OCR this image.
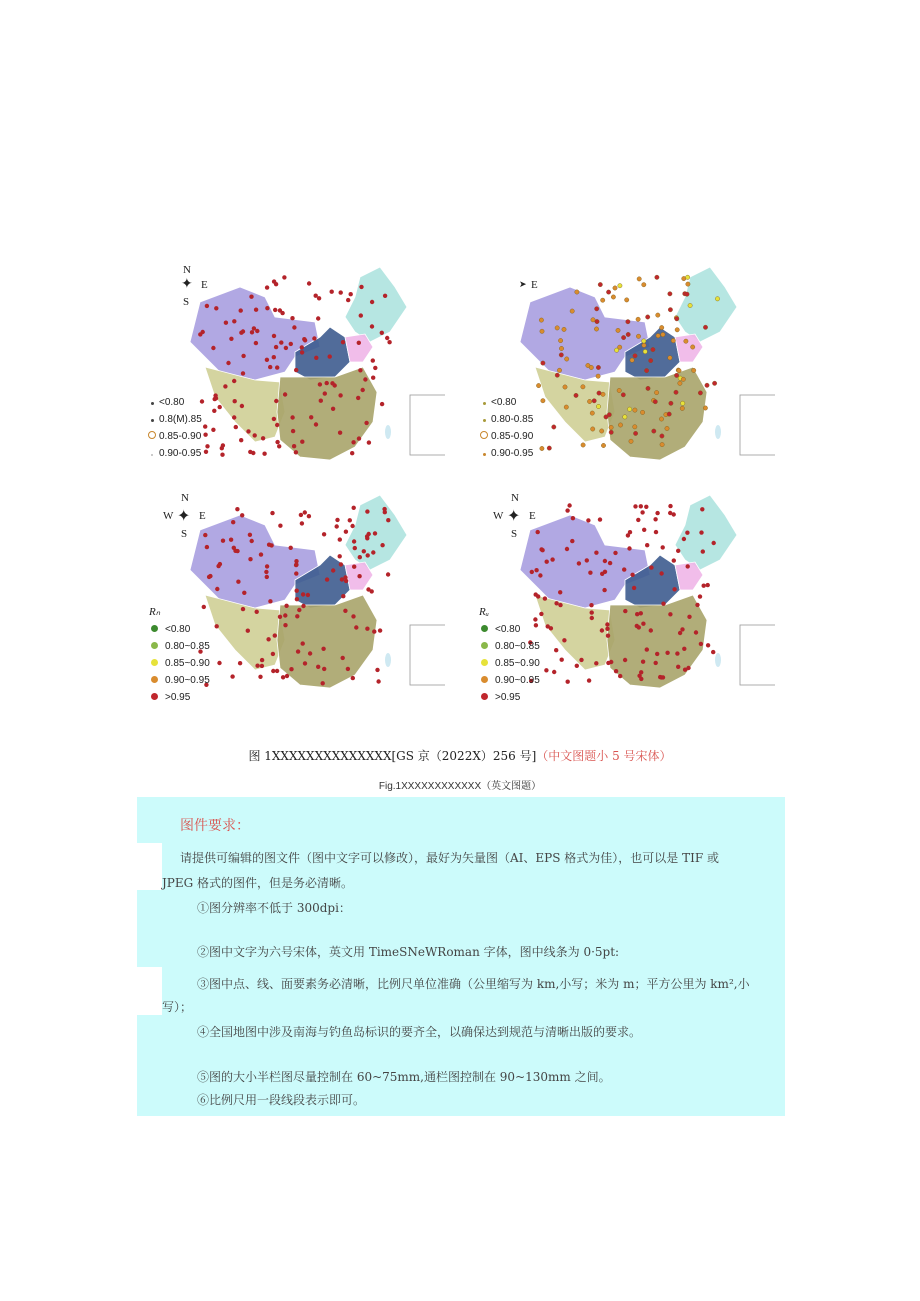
N
✦ E
S
<0.80
0.8(M).85
0.85-0.90
0.90-0.95
➤ E
<0.80
0.80-0.85
0.85-0.90
0.90-0.95
N
W ✦ E
S
Rₙ
<0.80
0.80~0.85
0.85~0.90
0.90~0.95
>0.95
N
W ✦ E
S
Rᵤ
<0.80
0.80~0.85
0.85~0.90
0.90~0.95
>0.95
图 1XXXXXXXXXXXXXX[GS 京（2022X）256 号]（中文图题小 5 号宋体）
Fig.1XXXXXXXXXXXX（英文图题）
图件要求：
请提供可编辑的图文件（图中文字可以修改），最好为矢量图（AI、EPS 格式为佳），也可以是 TIF 或
JPEG 格式的图件，但是务必清晰。
①图分辨率不低于 300dpi：
②图中文字为六号宋体，英文用 TimeSNeWRoman 字体，图中线条为 0·5pt:
③图中点、线、面要素务必清晰，比例尺单位准确（公里缩写为 km,小写；米为 m；平方公里为 km²,小
写）；
④全国地图中涉及南海与钓鱼岛标识的要齐全，以确保达到规范与清晰出版的要求。
⑤图的大小半栏图尽量控制在 60~75mm,通栏图控制在 90~130mm 之间。
⑥比例尺用一段线段表示即可。
